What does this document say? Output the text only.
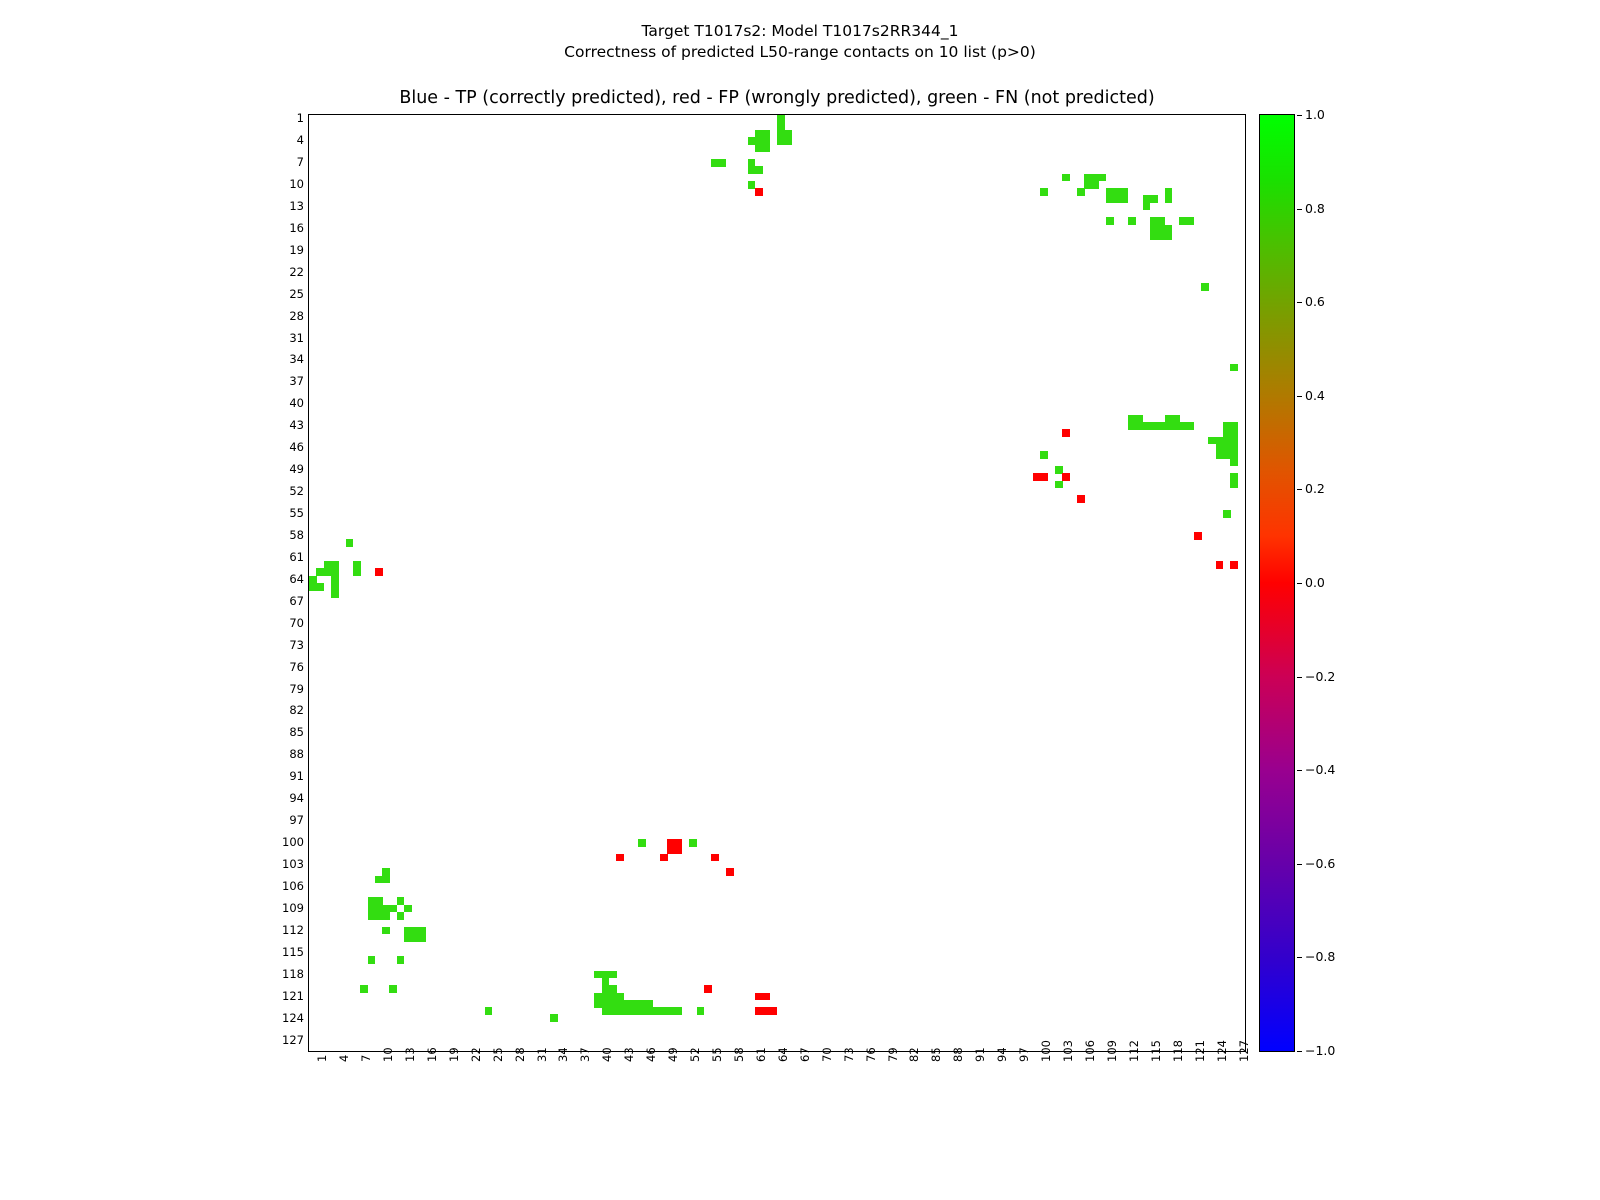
Target T1017s2: Model T1017s2RR344_1
Correctness of predicted L50-range contacts on 10 list (p>0)
Blue - TP (correctly predicted), red - FP (wrongly predicted), green - FN (not predicted)
1
4
7
10
13
16
19
22
25
28
31
34
37
40
43
46
49
52
55
58
61
64
67
70
73
76
79
82
85
88
91
94
97
100
103
106
109
112
115
118
121
124
127
1 4 7 10 13 16 19 22 25 28 31 34 37 40 43 46 49 52 55 58 61 64 67 70 73 76 79 82 85 88 91 94 97 100 103 106 109 112 115 118 121 124 127	−1.0
−0.8
−0.6
−0.4
−0.2
0.0
0.2
0.4
0.6
0.8
1.0
